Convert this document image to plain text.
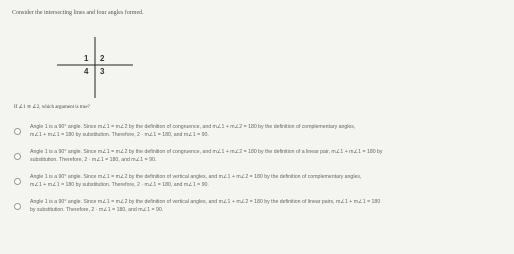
Consider the intersecting lines and four angles formed.
1 2
4 3
If ∠1 ≅ ∠2, which argument is true?
Angle 1 is a 90° angle. Since m∠1 = m∠2 by the definition of congruence, and m∠1 + m∠2 = 180 by the definition of complementary angles,
m∠1 + m∠1 = 180 by substitution. Therefore, 2 · m∠1 = 180, and m∠1 = 90.
Angle 1 is a 90° angle. Since m∠1 = m∠2 by the definition of congruence, and m∠1 + m∠2 = 180 by the definition of a linear pair, m∠1 + m∠1 = 180 by
substitution. Therefore, 2 · m∠1 = 180, and m∠1 = 90.
Angle 1 is a 90° angle. Since m∠1 = m∠2 by the definition of vertical angles, and m∠1 + m∠2 = 180 by the definition of complementary angles,
m∠1 + m∠1 = 180 by substitution. Therefore, 2 · m∠1 = 180, and m∠1 = 90.
Angle 1 is a 90° angle. Since m∠1 = m∠2 by the definition of vertical angles, and m∠1 + m∠2 = 180 by the definition of linear pairs, m∠1 + m∠1 = 180
by substitution. Therefore, 2 · m∠1 = 180, and m∠1 = 90.
